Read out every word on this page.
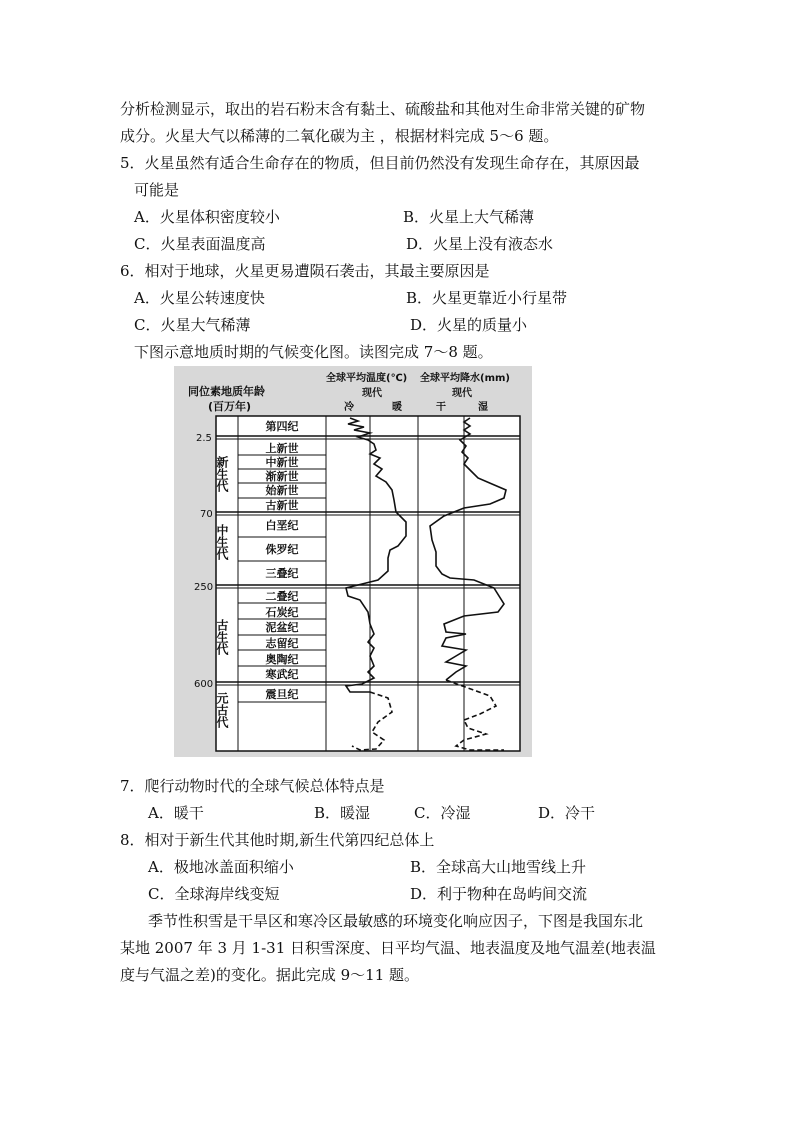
分析检测显示，取出的岩石粉末含有黏土、硫酸盐和其他对生命非常关键的矿物
成分。火星大气以稀薄的二氧化碳为主 ，根据材料完成 5～6 题。
5．火星虽然有适合生命存在的物质，但目前仍然没有发现生命存在，其原因最
可能是
A．火星体积密度较小	B．火星上大气稀薄
C．火星表面温度高	D．火星上没有液态水
6．相对于地球，火星更易遭陨石袭击，其最主要原因是
A．火星公转速度快	B．火星更靠近小行星带
C．火星大气稀薄	D．火星的质量小
下图示意地质时期的气候变化图。读图完成 7～8 题。
同位素地质年龄
(百万年)
全球平均温度(℃) 全球平均降水(mm)
现代	现代
冷	暖	干	湿
2.5
70
250
600
新生代
中生代
古生代
元古代
第四纪
上新世
中新世
渐新世
始新世
古新世
白垩纪
侏罗纪
三叠纪
二叠纪
石炭纪
泥盆纪
志留纪
奥陶纪
寒武纪
震旦纪
7．爬行动物时代的全球气候总体特点是
A．暖干	B．暖湿	C．冷湿	D．冷干
8．相对于新生代其他时期,新生代第四纪总体上
A．极地冰盖面积缩小	B．全球高大山地雪线上升
C．全球海岸线变短	D．利于物种在岛屿间交流
季节性积雪是干旱区和寒冷区最敏感的环境变化响应因子，下图是我国东北
某地 2007 年 3 月 1-31 日积雪深度、日平均气温、地表温度及地气温差(地表温
度与气温之差)的变化。据此完成 9～11 题。
